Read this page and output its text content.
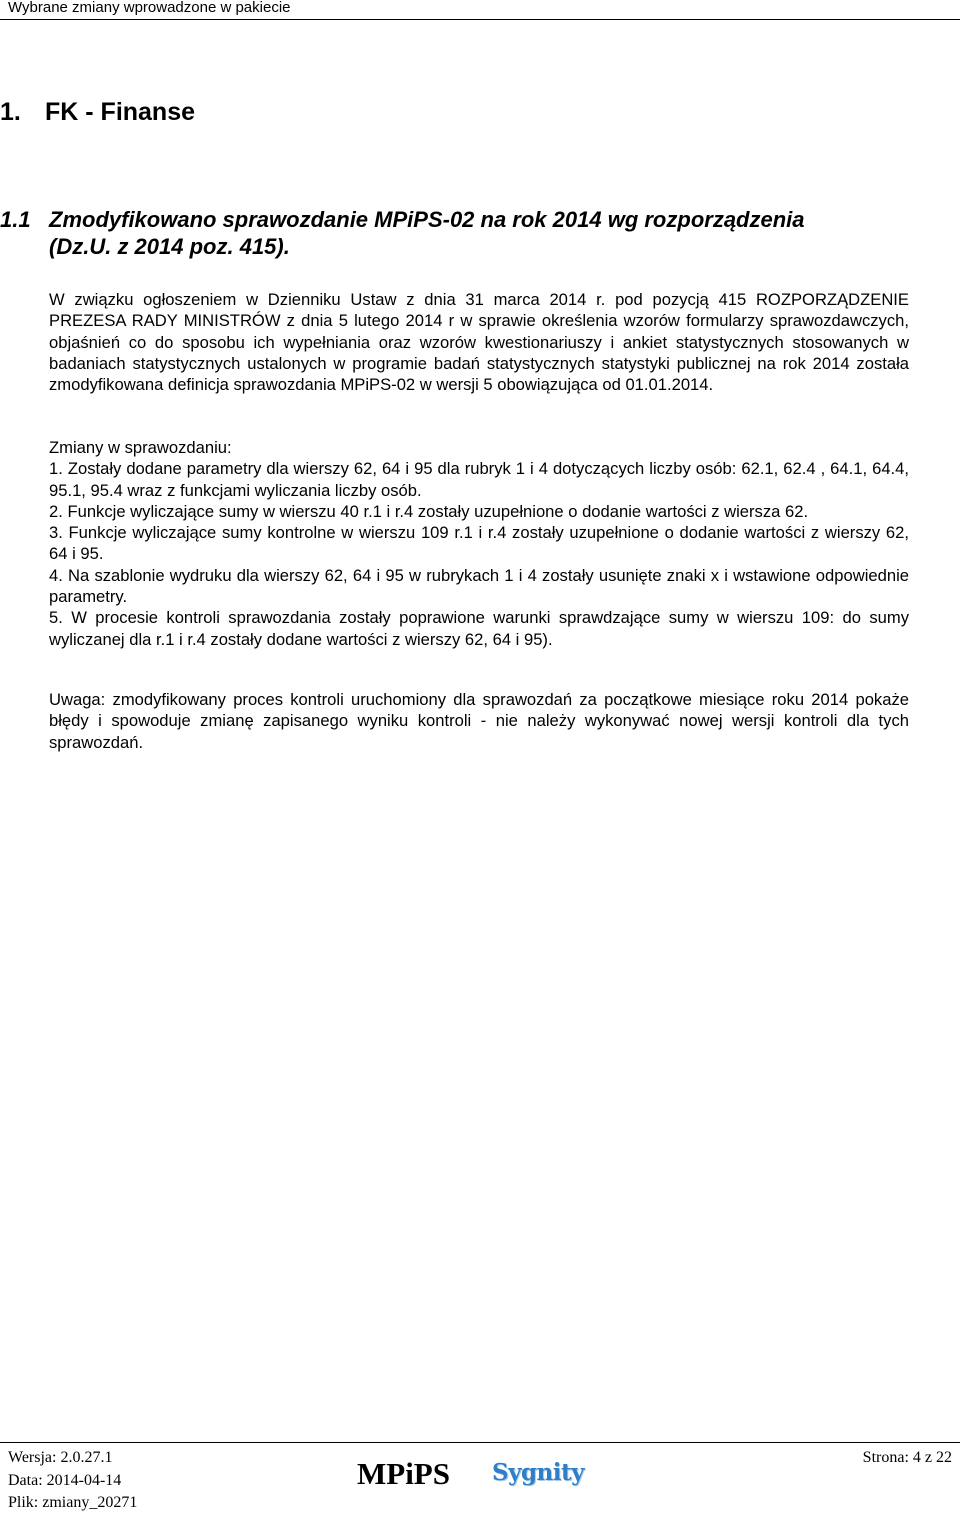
Wybrane zmiany wprowadzone w pakiecie
1. FK - Finanse
1.1 Zmodyfikowano sprawozdanie MPiPS-02 na rok 2014 wg rozporządzenia
(Dz.U. z 2014 poz. 415).

W związku ogłoszeniem w Dzienniku Ustaw z dnia 31 marca 2014 r. pod pozycją 415 ROZPORZĄDZENIE PREZESA RADY MINISTRÓW z dnia 5 lutego 2014 r w sprawie określenia wzorów formularzy sprawozdawczych, objaśnień co do sposobu ich wypełniania oraz wzorów kwestionariuszy i ankiet statystycznych stosowanych w badaniach statystycznych ustalonych w programie badań statystycznych statystyki publicznej na rok 2014 została zmodyfikowana definicja sprawozdania MPiPS-02 w wersji 5 obowiązująca od 01.01.2014.

Zmiany w sprawozdaniu:

1. Zostały dodane parametry dla wierszy 62, 64 i 95 dla rubryk 1 i 4 dotyczących liczby osób: 62.1, 62.4 , 64.1, 64.4, 95.1, 95.4 wraz z funkcjami wyliczania liczby osób.

2. Funkcje wyliczające sumy w wierszu 40 r.1 i r.4 zostały uzupełnione o dodanie wartości z wiersza 62.

3. Funkcje wyliczające sumy kontrolne w wierszu 109 r.1 i r.4 zostały uzupełnione o dodanie wartości z wierszy 62, 64 i 95.

4. Na szablonie wydruku dla wierszy 62, 64 i 95 w rubrykach 1 i 4 zostały usunięte znaki x i wstawione odpowiednie parametry.

5. W procesie kontroli sprawozdania zostały poprawione warunki sprawdzające sumy w wierszu 109: do sumy wyliczanej dla r.1 i r.4 zostały dodane wartości z wierszy 62, 64 i 95).

Uwaga: zmodyfikowany proces kontroli uruchomiony dla sprawozdań za początkowe miesiące roku 2014 pokaże błędy i spowoduje zmianę zapisanego wyniku kontroli - nie należy wykonywać nowej wersji kontroli dla tych sprawozdań.

Wersja: 2.0.27.1
Data: 2014-04-14
Plik: zmiany_20271
MPiPS Sygnity
Strona: 4 z 22
